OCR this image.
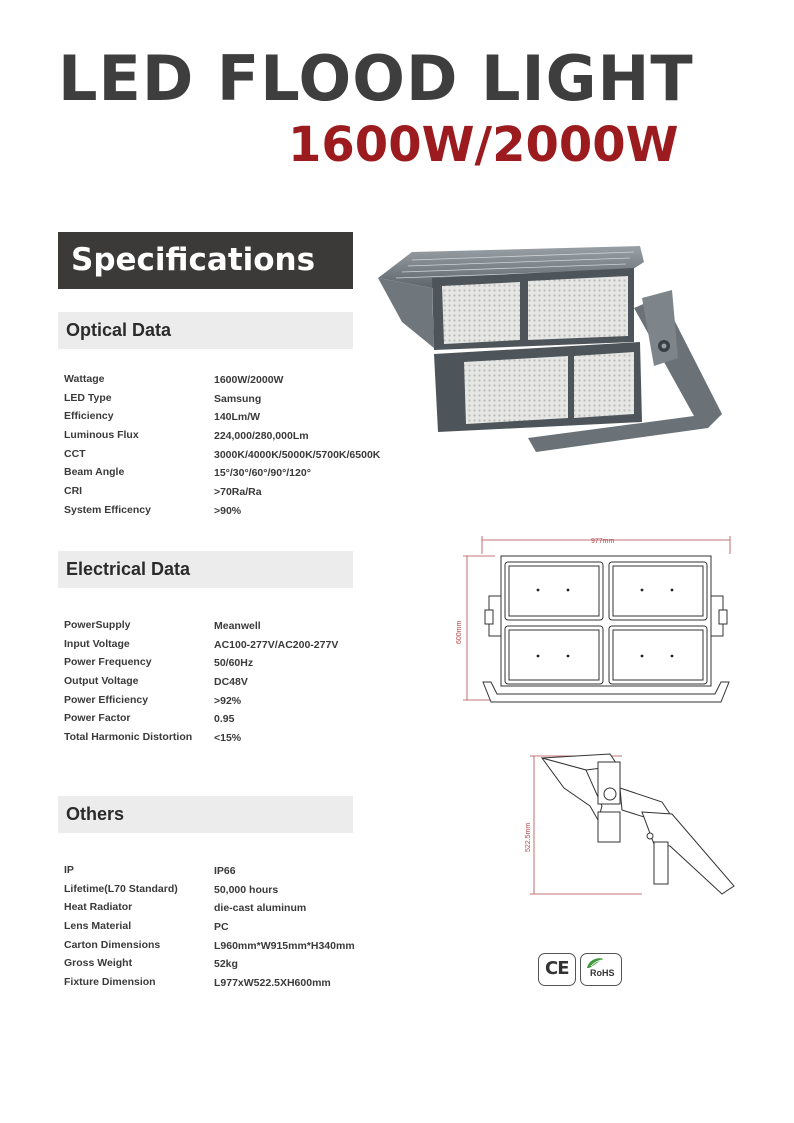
LED FLOOD LIGHT
1600W/2000W
Specifications
Optical Data
Wattage	1600W/2000W
LED Type	Samsung
Efficiency	140Lm/W
Luminous Flux	224,000/280,000Lm
CCT	3000K/4000K/5000K/5700K/6500K
Beam Angle	15°/30°/60°/90°/120°
CRI	>70Ra/Ra
System Efficency	>90%
Electrical Data
PowerSupply	Meanwell
Input Voltage	AC100-277V/AC200-277V
Power Frequency	50/60Hz
Output Voltage	DC48V
Power Efficiency	>92%
Power Factor	0.95
Total Harmonic Distortion <15%
Others
IP	IP66
Lifetime(L70 Standard)	50,000 hours
Heat Radiator	die-cast aluminum
Lens Material	PC
Carton Dimensions	L960mm*W915mm*H340mm
Gross Weight	52kg
Fixture Dimension	L977xW522.5XH600mm
977mm
600mm
522.5mm
CE RoHS
